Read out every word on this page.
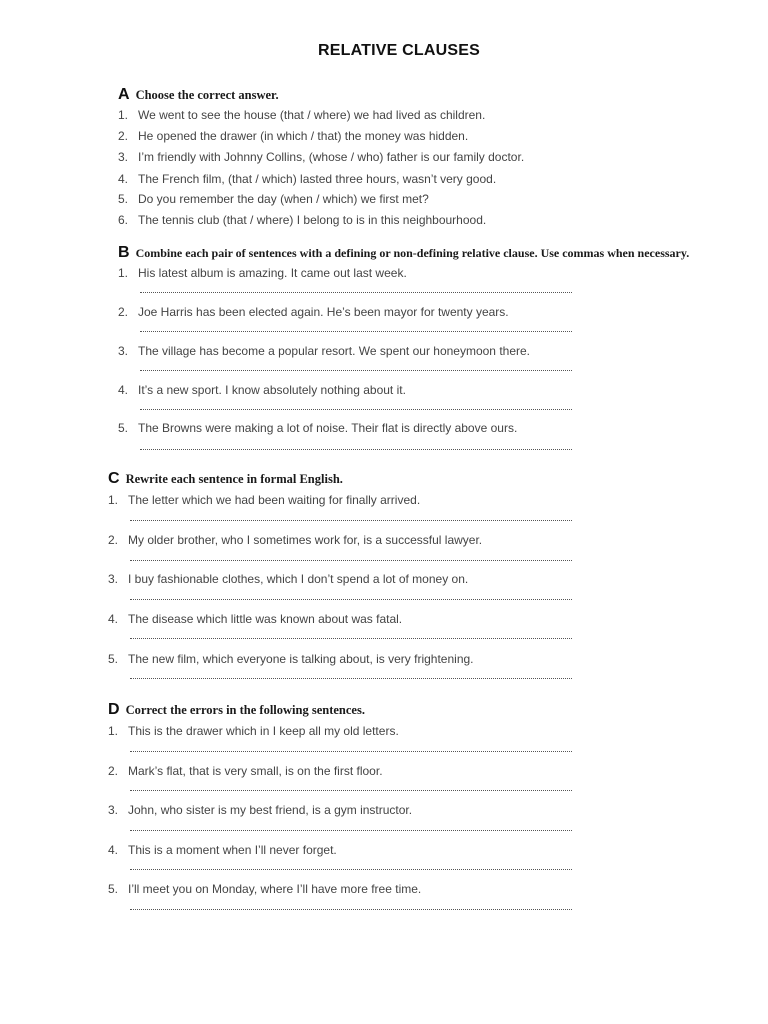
RELATIVE CLAUSES
A Choose the correct answer.
1. We went to see the house (that / where) we had lived as children.
2. He opened the drawer (in which / that) the money was hidden.
3. I’m friendly with Johnny Collins, (whose / who) father is our family doctor.
4. The French film, (that / which) lasted three hours, wasn’t very good.
5. Do you remember the day (when / which) we first met?
6. The tennis club (that / where) I belong to is in this neighbourhood.
B Combine each pair of sentences with a defining or non-defining relative clause. Use commas when necessary.
1. His latest album is amazing. It came out last week.
2. Joe Harris has been elected again. He’s been mayor for twenty years.
3. The village has become a popular resort. We spent our honeymoon there.
4. It’s a new sport. I know absolutely nothing about it.
5. The Browns were making a lot of noise. Their flat is directly above ours.
C Rewrite each sentence in formal English.
1. The letter which we had been waiting for finally arrived.
2. My older brother, who I sometimes work for, is a successful lawyer.
3. I buy fashionable clothes, which I don’t spend a lot of money on.
4. The disease which little was known about was fatal.
5. The new film, which everyone is talking about, is very frightening.
D Correct the errors in the following sentences.
1. This is the drawer which in I keep all my old letters.
2. Mark’s flat, that is very small, is on the first floor.
3. John, who sister is my best friend, is a gym instructor.
4. This is a moment when I’ll never forget.
5. I’ll meet you on Monday, where I’ll have more free time.
